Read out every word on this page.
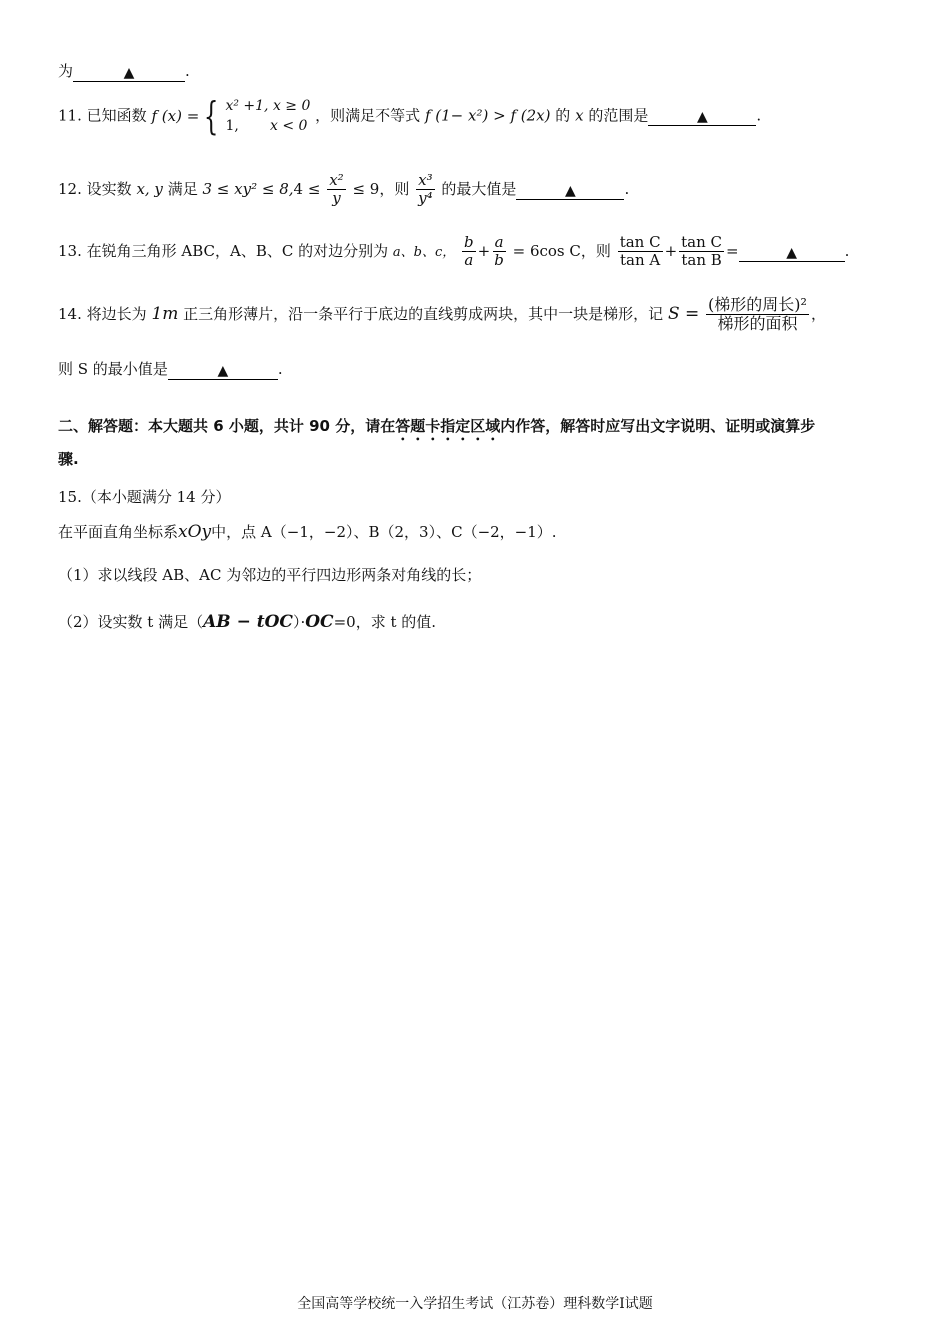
为	▲	.
11. 已知函数 f (x) = { x² +1, x ≥ 0
1, x < 0
，则满足不等式 f (1− x²) > f (2x) 的 x 的范围是	▲	.
12. 设实数 x, y 满足 $3 \le xy^2 \le 8,4 \le \frac{\text{x²}}{y} \le 9$，则 $\frac{\text{x³}}{\text{y⁴}}$ 的最大值是	▲	.
13. 在锐角三角形 ABC，A、B、C 的对边分别为 a、b、c， $\frac{b}{a} + \frac{a}{b} = 6\cos$ C，则 $\frac{\text{tan C}}{\text{tan A}} + \frac{\text{tan C}}{\text{tan B}}$ =	▲	.
14. 将边长为 1m 正三角形薄片，沿一条平行于底边的直线剪成两块，其中一块是梯形，记 $S = \frac{\text{(梯形的周长)²}}{\text{梯形的面积}}$ ，
则 S 的最小值是	▲	.
二、解答题：本大题共 6 小题，共计 90 分，请在答题卡指定区域内作答，解答时应写出文字说明、证明或演算步
骤.
15.（本小题满分 14 分）
在平面直角坐标系xOy中，点 A（−1，−2）、B（2，3）、C（−2，−1）.
（1）求以线段 AB、AC 为邻边的平行四边形两条对角线的长；
（2）设实数 t 满足（AB − tOC）·OC=0，求 t 的值.
全国高等学校统一入学招生考试（江苏卷）理科数学Ⅰ试题
